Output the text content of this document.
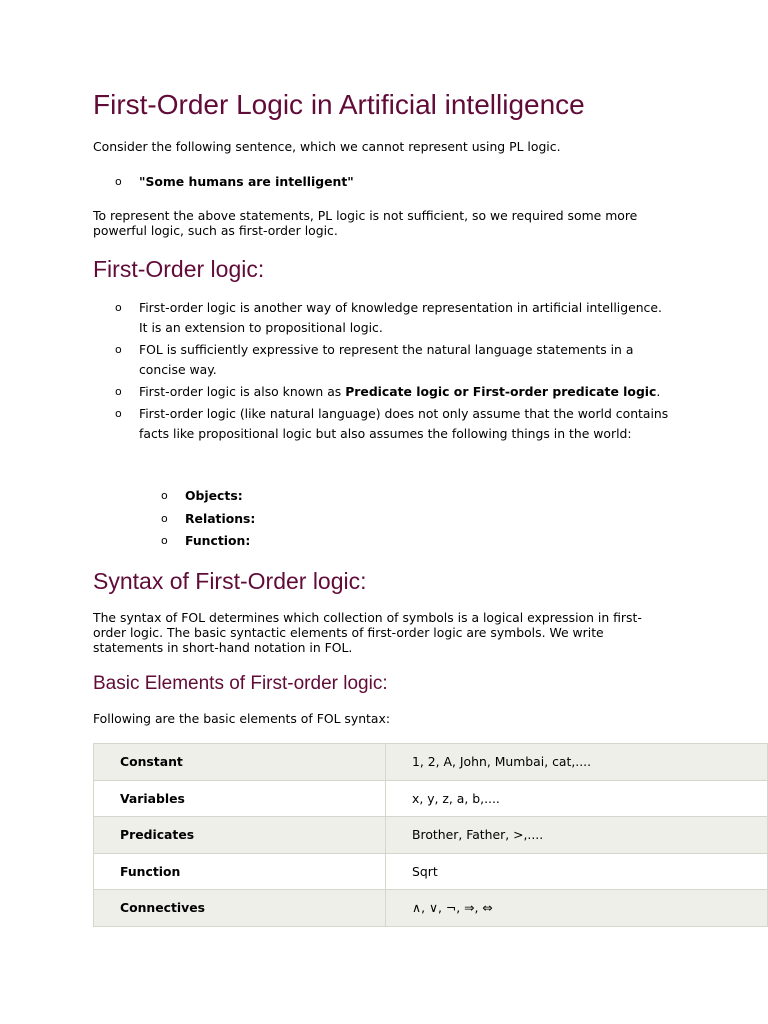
First-Order Logic in Artificial intelligence

Consider the following sentence, which we cannot represent using PL logic.

o "Some humans are intelligent"

To represent the above statements, PL logic is not sufficient, so we required some more powerful logic, such as first-order logic.

First-Order logic:
o First-order logic is another way of knowledge representation in artificial intelligence. It is an extension to propositional logic.
o FOL is sufficiently expressive to represent the natural language statements in a concise way.
o First-order logic is also known as Predicate logic or First-order predicate logic.
o First-order logic (like natural language) does not only assume that the world contains facts like propositional logic but also assumes the following things in the world:
o Objects:
o Relations:
o Function:
Syntax of First-Order logic:

The syntax of FOL determines which collection of symbols is a logical expression in first-order logic. The basic syntactic elements of first-order logic are symbols. We write statements in short-hand notation in FOL.

Basic Elements of First-order logic:

Following are the basic elements of FOL syntax:

Constant	1, 2, A, John, Mumbai, cat,....
Variables	x, y, z, a, b,....
Predicates	Brother, Father, >,....
Function	Sqrt
Connectives	∧, ∨, ¬, ⇒, ⇔
